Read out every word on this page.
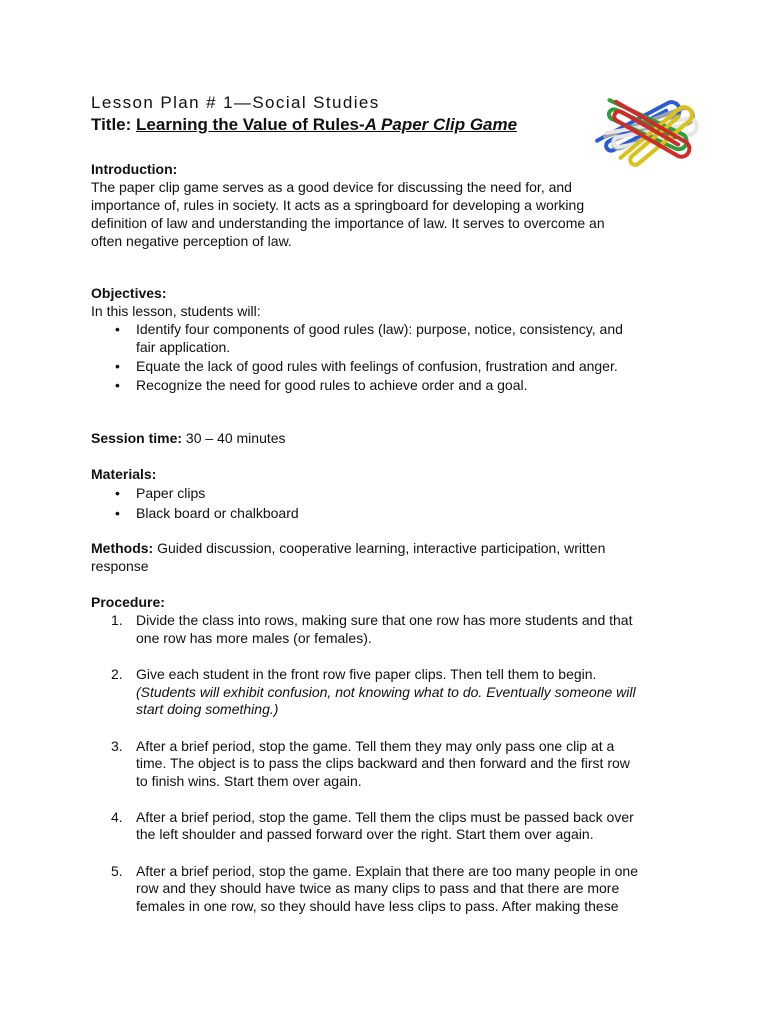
Lesson Plan # 1—Social Studies
Title: Learning the Value of Rules-A Paper Clip Game
Introduction:
The paper clip game serves as a good device for discussing the need for, and
importance of, rules in society. It acts as a springboard for developing a working
definition of law and understanding the importance of law. It serves to overcome an
often negative perception of law.
Objectives:
In this lesson, students will:
• Identify four components of good rules (law): purpose, notice, consistency, and
fair application.
• Equate the lack of good rules with feelings of confusion, frustration and anger.
• Recognize the need for good rules to achieve order and a goal.
Session time: 30 – 40 minutes
Materials:
• Paper clips
• Black board or chalkboard
Methods: Guided discussion, cooperative learning, interactive participation, written
response
Procedure:
1. Divide the class into rows, making sure that one row has more students and that
one row has more males (or females).
2. Give each student in the front row five paper clips. Then tell them to begin.
(Students will exhibit confusion, not knowing what to do. Eventually someone will
start doing something.)
3. After a brief period, stop the game. Tell them they may only pass one clip at a
time. The object is to pass the clips backward and then forward and the first row
to finish wins. Start them over again.
4. After a brief period, stop the game. Tell them the clips must be passed back over
the left shoulder and passed forward over the right. Start them over again.
5. After a brief period, stop the game. Explain that there are too many people in one
row and they should have twice as many clips to pass and that there are more
females in one row, so they should have less clips to pass. After making these
